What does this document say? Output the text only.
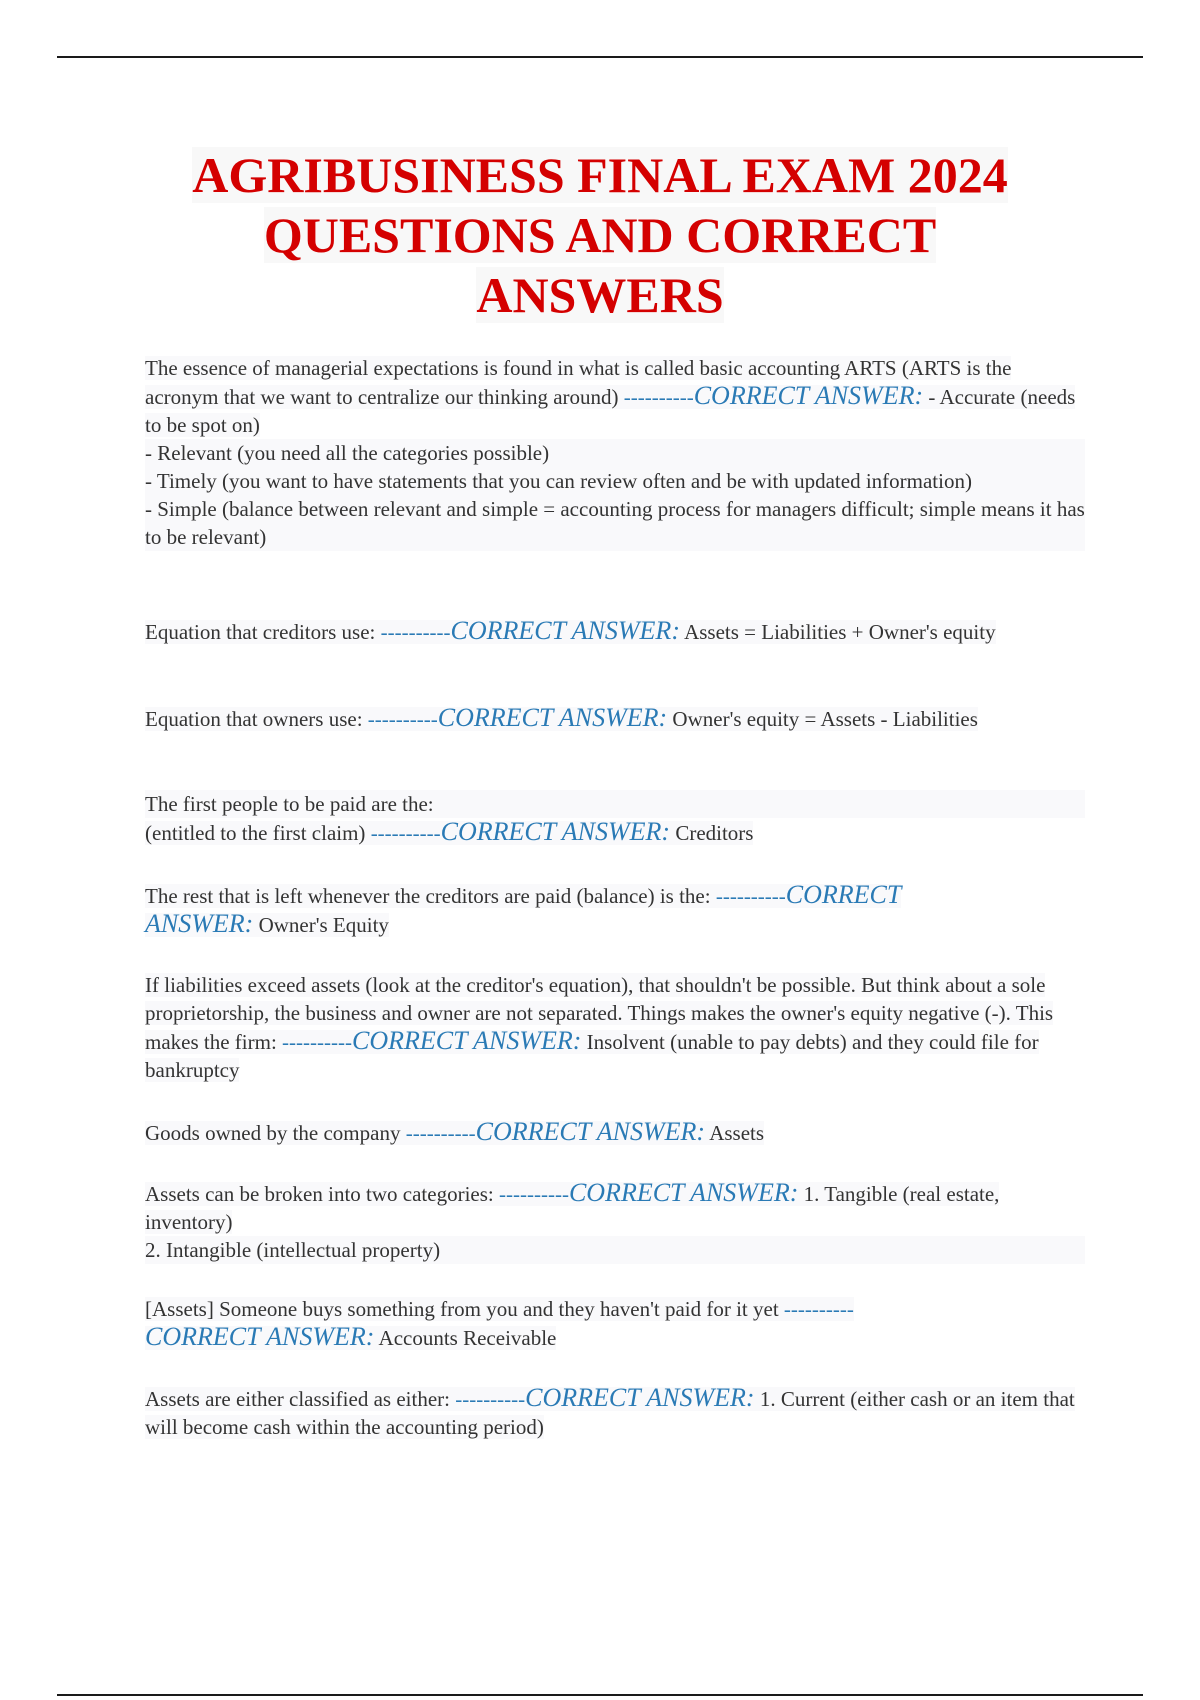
AGRIBUSINESS FINAL EXAM 2024
QUESTIONS AND CORRECT
ANSWERS
The essence of managerial expectations is found in what is called basic accounting ARTS (ARTS is the acronym that we want to centralize our thinking around) ----------CORRECT ANSWER: - Accurate (needs to be spot on)
- Relevant (you need all the categories possible)
- Timely (you want to have statements that you can review often and be with updated information)
- Simple (balance between relevant and simple = accounting process for managers difficult; simple means it has to be relevant)
Equation that creditors use: ----------CORRECT ANSWER: Assets = Liabilities + Owner's equity
Equation that owners use: ----------CORRECT ANSWER: Owner's equity = Assets - Liabilities
The first people to be paid are the:
(entitled to the first claim) ----------CORRECT ANSWER: Creditors
The rest that is left whenever the creditors are paid (balance) is the: ----------CORRECT
ANSWER: Owner's Equity
If liabilities exceed assets (look at the creditor's equation), that shouldn't be possible. But think about a sole proprietorship, the business and owner are not separated. Things makes the owner's equity negative (-). This makes the firm: ----------CORRECT ANSWER: Insolvent (unable to pay debts) and they could file for bankruptcy
Goods owned by the company ----------CORRECT ANSWER: Assets
Assets can be broken into two categories: ----------CORRECT ANSWER: 1. Tangible (real estate, inventory)
2. Intangible (intellectual property)
[Assets] Someone buys something from you and they haven't paid for it yet ----------
CORRECT ANSWER: Accounts Receivable
Assets are either classified as either: ----------CORRECT ANSWER: 1. Current (either cash or an item that will become cash within the accounting period)
